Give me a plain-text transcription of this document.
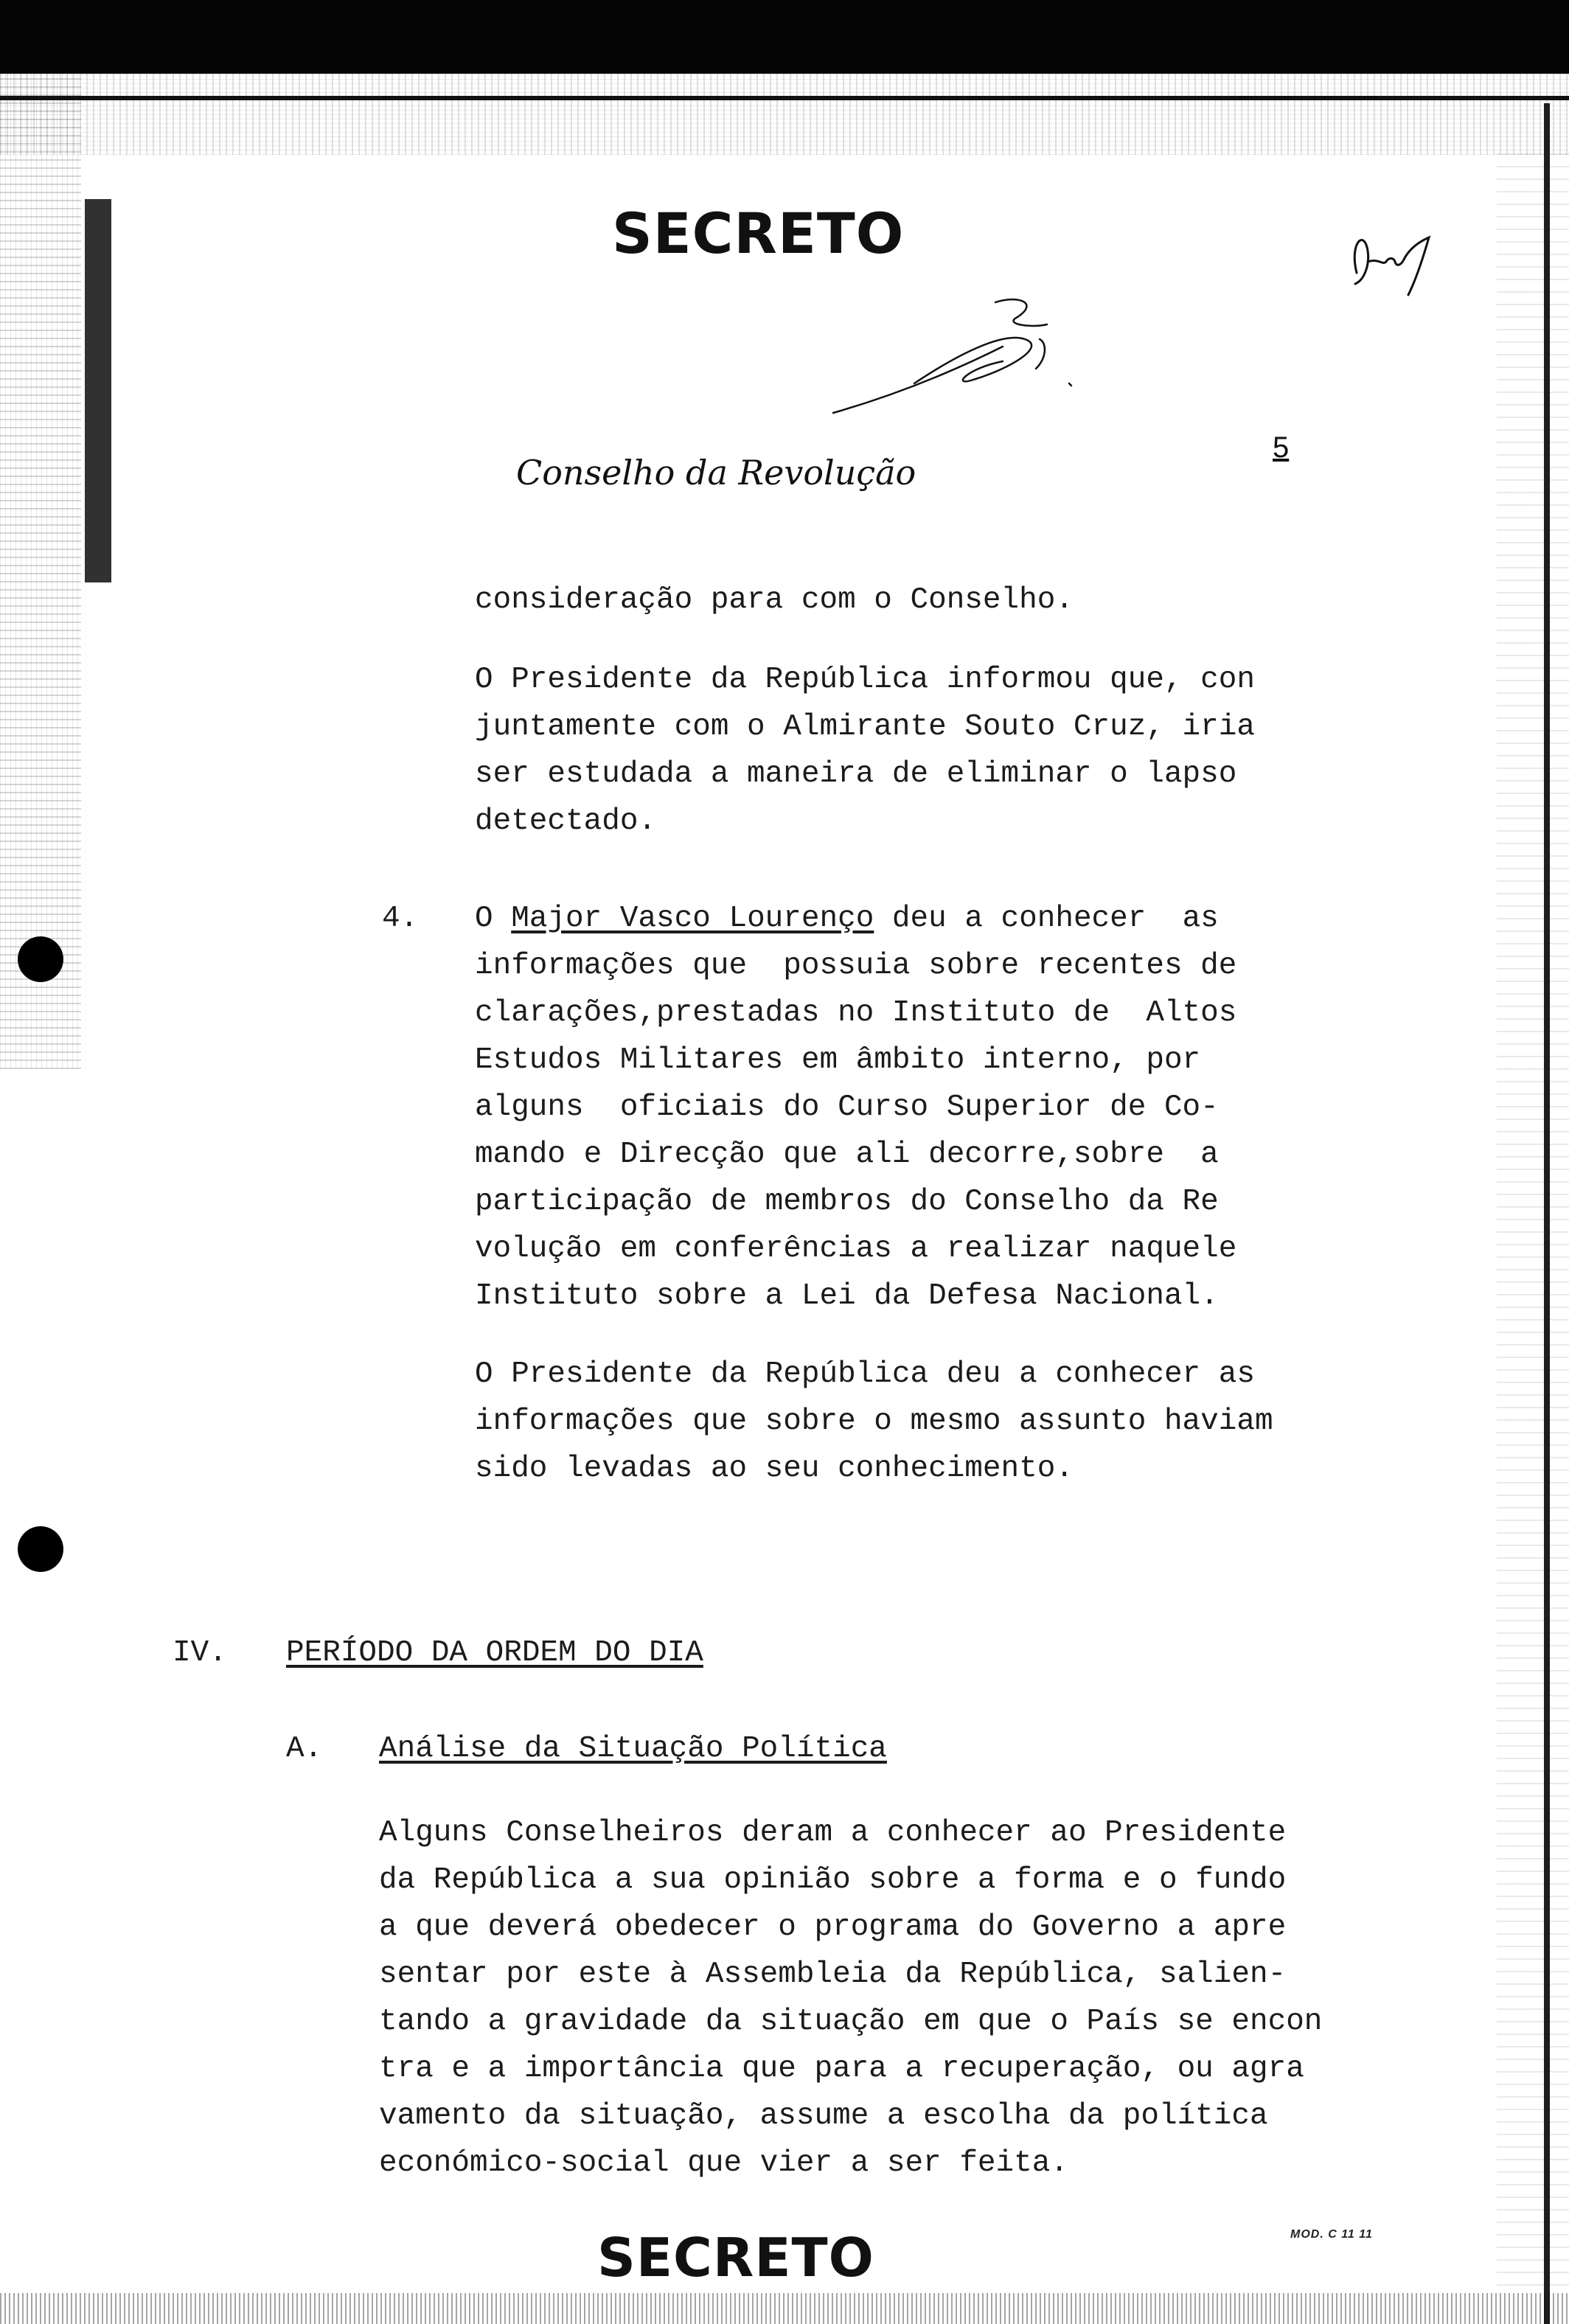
SECRETO
Conselho da Revolução
5

consideração para com o Conselho.

O Presidente da República informou que, con
juntamente com o Almirante Souto Cruz, iria
ser estudada a maneira de eliminar o lapso
detectado.
4. O Major Vasco Lourenço deu a conhecer  as
informações que  possuia sobre recentes de
clarações,prestadas no Instituto de  Altos
Estudos Militares em âmbito interno, por
alguns  oficiais do Curso Superior de Co-
mando e Direcção que ali decorre,sobre  a
participação de membros do Conselho da Re
volução em conferências a realizar naquele
Instituto sobre a Lei da Defesa Nacional.
O Presidente da República deu a conhecer as
informações que sobre o mesmo assunto haviam
sido levadas ao seu conhecimento.
IV. PERÍODO DA ORDEM DO DIA
A. Análise da Situação Política
Alguns Conselheiros deram a conhecer ao Presidente
da República a sua opinião sobre a forma e o fundo
a que deverá obedecer o programa do Governo a apre
sentar por este à Assembleia da República, salien-
tando a gravidade da situação em que o País se encon
tra e a importância que para a recuperação, ou agra
vamento da situação, assume a escolha da política
económico-social que vier a ser feita.
SECRETO	MOD. C 11 11
